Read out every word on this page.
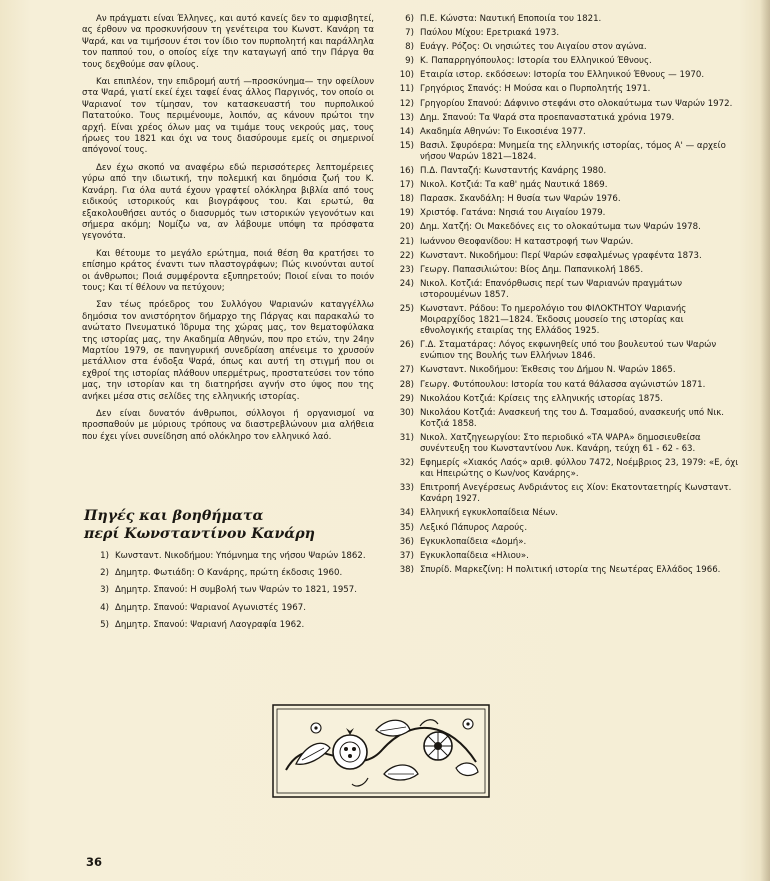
Αν πράγματι είναι Έλληνες, και αυτό κανείς δεν το αμφισβητεί, ας έρθουν να προσκυνήσουν τη γενέτειρα του Κωνστ. Κανάρη τα Ψαρά, και να τιμήσουν έτσι τον ίδιο τον πυρπολητή και παράλληλα τον παππού του, ο οποίος είχε την καταγωγή από την Πάργα θα τους δεχθούμε σαν φίλους.

Και επιπλέον, την επιδρομή αυτή —προσκύνημα— την οφείλουν στα Ψαρά, γιατί εκεί έχει ταφεί ένας άλλος Παργινός, τον οποίο οι Ψαριανοί τον τίμησαν, τον κατασκευαστή του πυρπολικού Πατατούκο. Τους περιμένουμε, λοιπόν, ας κάνουν πρώτοι την αρχή. Είναι χρέος όλων μας να τιμάμε τους νεκρούς μας, τους ήρωες του 1821 και όχι να τους διασύρουμε εμείς οι σημερινοί απόγονοί τους.

Δεν έχω σκοπό να αναφέρω εδώ περισσότερες λεπτομέρειες γύρω από την ιδιωτική, την πολεμική και δημόσια ζωή του Κ. Κανάρη. Για όλα αυτά έχουν γραφτεί ολόκληρα βιβλία από τους ειδικούς ιστορικούς και βιογράφους του. Και ερωτώ, θα εξακολουθήσει αυτός ο διασυρμός των ιστορικών γεγονότων και σήμερα ακόμη; Νομίζω να, αν λάβουμε υπόψη τα πρόσφατα γεγονότα.

Και θέτουμε το μεγάλο ερώτημα, ποιά θέση θα κρατήσει το επίσημο κράτος έναντι των πλαστογράφων; Πώς κινούνται αυτοί οι άνθρωποι; Ποιά συμφέροντα εξυπηρετούν; Ποιοί είναι το ποιόν τους; Και τί θέλουν να πετύχουν;

Σαν τέως πρόεδρος του Συλλόγου Ψαριανών καταγγέλλω δημόσια τον ανιστόρητον δήμαρχο της Πάργας και παρακαλώ το ανώτατο Πνευματικό Ίδρυμα της χώρας μας, τον θεματοφύλακα της ιστορίας μας, την Ακαδημία Αθηνών, που προ ετών, την 24ην Μαρτίου 1979, σε πανηγυρική συνεδρίαση απένειμε το χρυσούν μετάλλιον στα ένδοξα Ψαρά, όπως και αυτή τη στιγμή που οι εχθροί της ιστορίας πλάθουν υπερμέτρως, προστατεύσει τον τόπο μας, την ιστορίαν και τη διατηρήσει αγνήν στο ύψος που της ανήκει μέσα στις σελίδες της ελληνικής ιστορίας.

Δεν είναι δυνατόν άνθρωποι, σύλλογοι ή οργανισμοί να προσπαθούν με μύριους τρόπους να διαστρεβλώνουν μια αλήθεια που έχει γίνει συνείδηση από ολόκληρο τον ελληνικό λαό.

Πηγές και βοηθήματα
περί Κωνσταντίνου Κανάρη
1) Κωνσταντ. Νικοδήμου: Υπόμνημα της νήσου Ψαρών 1862.
2) Δημητρ. Φωτιάδη: Ο Κανάρης, πρώτη έκδοσις 1960.
3) Δημητρ. Σπανού: Η συμβολή των Ψαρών το 1821, 1957.
4) Δημητρ. Σπανού: Ψαριανοί Αγωνιστές 1967.
5) Δημητρ. Σπανού: Ψαριανή Λαογραφία 1962.
6) Π.Ε. Κώνστα: Ναυτική Εποποιία του 1821.
7) Παύλου Μίχου: Ερετριακά 1973.
8) Ευάγγ. Ρόζος: Οι νησιώτες του Αιγαίου στον αγώνα.
9) Κ. Παπαρρηγόπουλος: Ιστορία του Ελληνικού Έθνους.
10) Εταιρία ιστορ. εκδόσεων: Ιστορία του Ελληνικού Έθνους — 1970.
11) Γρηγόριος Σπανός: Η Μούσα και ο Πυρπολητής 1971.
12) Γρηγορίου Σπανού: Δάφνινο στεφάνι στο ολοκαύτωμα των Ψαρών 1972.
13) Δημ. Σπανού: Τα Ψαρά στα προεπαναστατικά χρόνια 1979.
14) Ακαδημία Αθηνών: Το Εικοσιένα 1977.
15) Βασιλ. Σφυρόερα: Μνημεία της ελληνικής ιστορίας, τόμος Α' — αρχείο νήσου Ψαρών 1821—1824.
16) Π.Δ. Πανταζή: Κωνσταντής Κανάρης 1980.
17) Νικολ. Κοτζιά: Τα καθ' ημάς Ναυτικά 1869.
18) Παρασκ. Σκανδάλη: Η θυσία των Ψαρών 1976.
19) Χριστόφ. Γατάνα: Νησιά του Αιγαίου 1979.
20) Δημ. Χατζή: Οι Μακεδόνες εις το ολοκαύτωμα των Ψαρών 1978.
21) Ιωάννου Θεοφανίδου: Η καταστροφή των Ψαρών.
22) Κωνσταντ. Νικοδήμου: Περί Ψαρών εσφαλμένως γραφέντα 1873.
23) Γεωργ. Παπασιλιώτου: Βίος Δημ. Παπανικολή 1865.
24) Νικολ. Κοτζιά: Επανόρθωσις περί των Ψαριανών πραγμάτων ιστορουμένων 1857.
25) Κωνσταντ. Ράδου: Το ημερολόγιο του ΦΙΛΟΚΤΗΤΟΥ Ψαριανής Μοιραρχίδος 1821—1824. Έκδοσις μουσείο της ιστορίας και εθνολογικής εταιρίας της Ελλάδος 1925.
26) Γ.Δ. Σταματάρας: Λόγος εκφωνηθείς υπό του βουλευτού των Ψαρών ενώπιον της Βουλής των Ελλήνων 1846.
27) Κωνσταντ. Νικοδήμου: Έκθεσις του Δήμου Ν. Ψαρών 1865.
28) Γεωργ. Φυτόπουλου: Ιστορία του κατά θάλασσα αγώνιστών 1871.
29) Νικολάου Κοτζιά: Κρίσεις της ελληνικής ιστορίας 1875.
30) Νικολάου Κοτζιά: Ανασκευή της του Δ. Τσαμαδού, ανασκευής υπό Νικ. Κοτζιά 1858.
31) Νικολ. Χατζηγεωργίου: Στο περιοδικό «ΤΑ ΨΑΡΑ» δημοσιευθείσα συνέντευξη του Κωνσταντίνου Λυκ. Κανάρη, τεύχη 61 - 62 - 63.
32) Εφημερίς «Χιακός Λαός» αριθ. φύλλου 7472, Νοέμβριος 23, 1979: «Ε, όχι και Ηπειρώτης ο Κων/νος Κανάρης».
33) Επιτροπή Ανεγέρσεως Ανδριάντος εις Χίον: Εκατονταετηρίς Κωνσταντ. Κανάρη 1927.
34) Ελληνική εγκυκλοπαίδεια Νέων.
35) Λεξικό Πάπυρος Λαρούς.
36) Εγκυκλοπαίδεια «Δομή».
37) Εγκυκλοπαίδεια «Ηλιου».
38) Σπυρίδ. Μαρκεζίνη: Η πολιτική ιστορία της Νεωτέρας Ελλάδος 1966.
36
